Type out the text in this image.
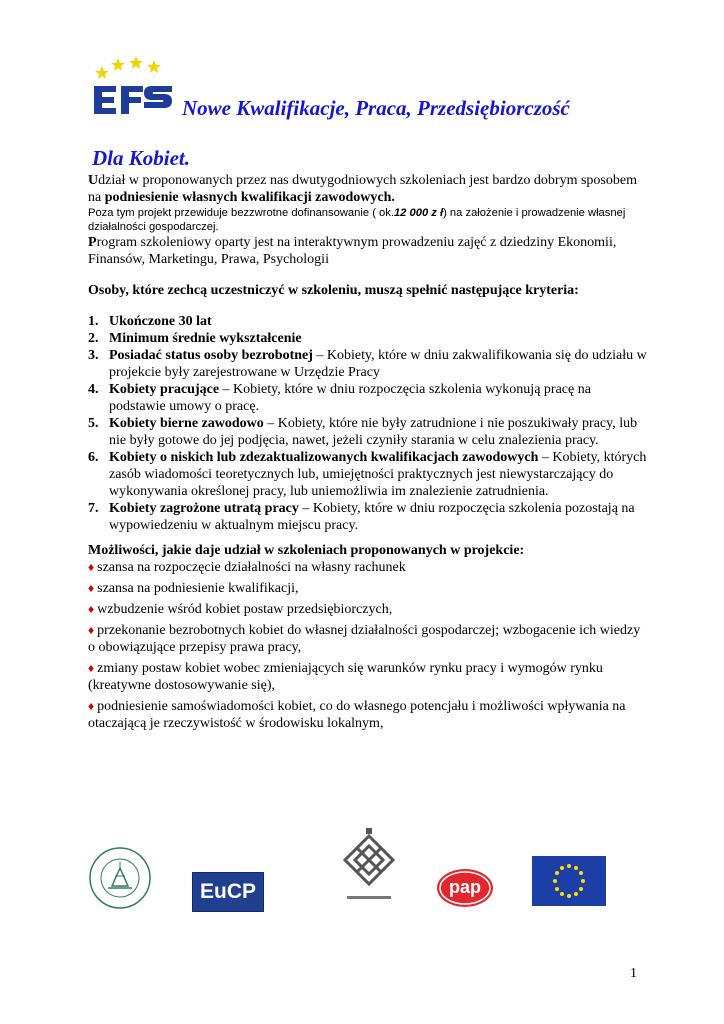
Nowe Kwalifikacje, Praca, Przedsiębiorczość
Dla Kobiet.

Udział w proponowanych przez nas dwutygodniowych szkoleniach jest bardzo dobrym sposobem na podniesienie własnych kwalifikacji zawodowych.

Poza tym projekt przewiduje bezzwrotne dofinansowanie ( ok.12 000 z ł) na założenie i prowadzenie własnej działalności gospodarczej.

Program szkoleniowy oparty jest na interaktywnym prowadzeniu zajęć z dziedziny Ekonomii, Finansów, Marketingu, Prawa, Psychologii

Osoby, które zechcą uczestniczyć w szkoleniu, muszą spełnić następujące kryteria:

1. Ukończone 30 lat
2. Minimum średnie wykształcenie
3. Posiadać status osoby bezrobotnej – Kobiety, które w dniu zakwalifikowania się do udziału w projekcie były zarejestrowane w Urzędzie Pracy
4. Kobiety pracujące – Kobiety, które w dniu rozpoczęcia szkolenia wykonują pracę na podstawie umowy o pracę.
5. Kobiety bierne zawodowo – Kobiety, które nie były zatrudnione i nie poszukiwały pracy, lub nie były gotowe do jej podjęcia, nawet, jeżeli czyniły starania w celu znalezienia pracy.
6. Kobiety o niskich lub zdezaktualizowanych kwalifikacjach zawodowych – Kobiety, których zasób wiadomości teoretycznych lub, umiejętności praktycznych jest niewystarczający do wykonywania określonej pracy, lub uniemożliwia im znalezienie zatrudnienia.
7. Kobiety zagrożone utratą pracy – Kobiety, które w dniu rozpoczęcia szkolenia pozostają na wypowiedzeniu w aktualnym miejscu pracy.

Możliwości, jakie daje udział w szkoleniach proponowanych w projekcie:

♦ szansa na rozpoczęcie działalności na własny rachunek
♦ szansa na podniesienie kwalifikacji,
♦ wzbudzenie wśród kobiet postaw przedsiębiorczych,
♦ przekonanie bezrobotnych kobiet do własnej działalności gospodarczej; wzbogacenie ich wiedzy o obowiązujące przepisy prawa pracy,
♦ zmiany postaw kobiet wobec zmieniających się warunków rynku pracy i wymogów rynku (kreatywne dostosowywanie się),
♦ podniesienie samoświadomości kobiet, co do własnego potencjału i możliwości wpływania na otaczającą je rzeczywistość w środowisku lokalnym,
EuCP	pap
1
